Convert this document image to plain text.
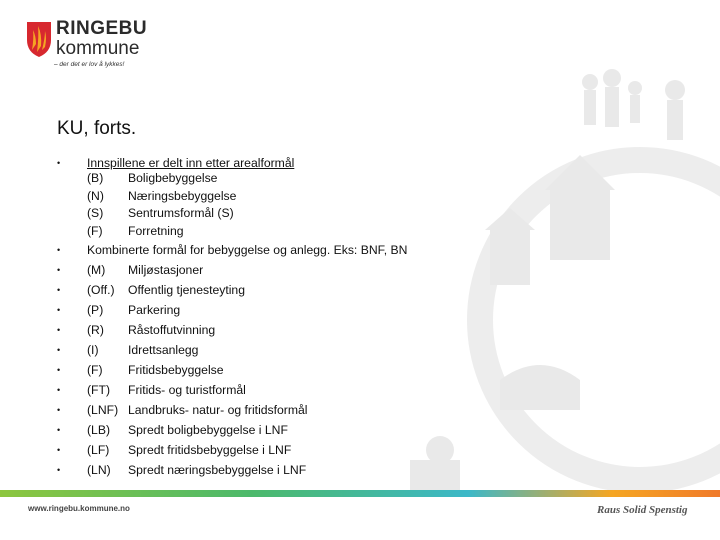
RINGEBU
kommune
– der det er lov å lykkes!
KU, forts.
• Innspillene er delt inn etter arealformål
(B) Boligbebyggelse
(N) Næringsbebyggelse
(S) Sentrumsformål (S)
(F) Forretning
• Kombinerte formål for bebyggelse og anlegg. Eks: BNF, BN
• (M) Miljøstasjoner
• (Off.) Offentlig tjenesteyting
• (P) Parkering
• (R) Råstoffutvinning
• (I) Idrettsanlegg
• (F) Fritidsbebyggelse
• (FT) Fritids- og turistformål
• (LNF) Landbruks- natur- og fritidsformål
• (LB) Spredt boligbebyggelse i LNF
• (LF) Spredt fritidsbebyggelse i LNF
• (LN) Spredt næringsbebyggelse i LNF
www.ringebu.kommune.no	Raus Solid Spenstig
